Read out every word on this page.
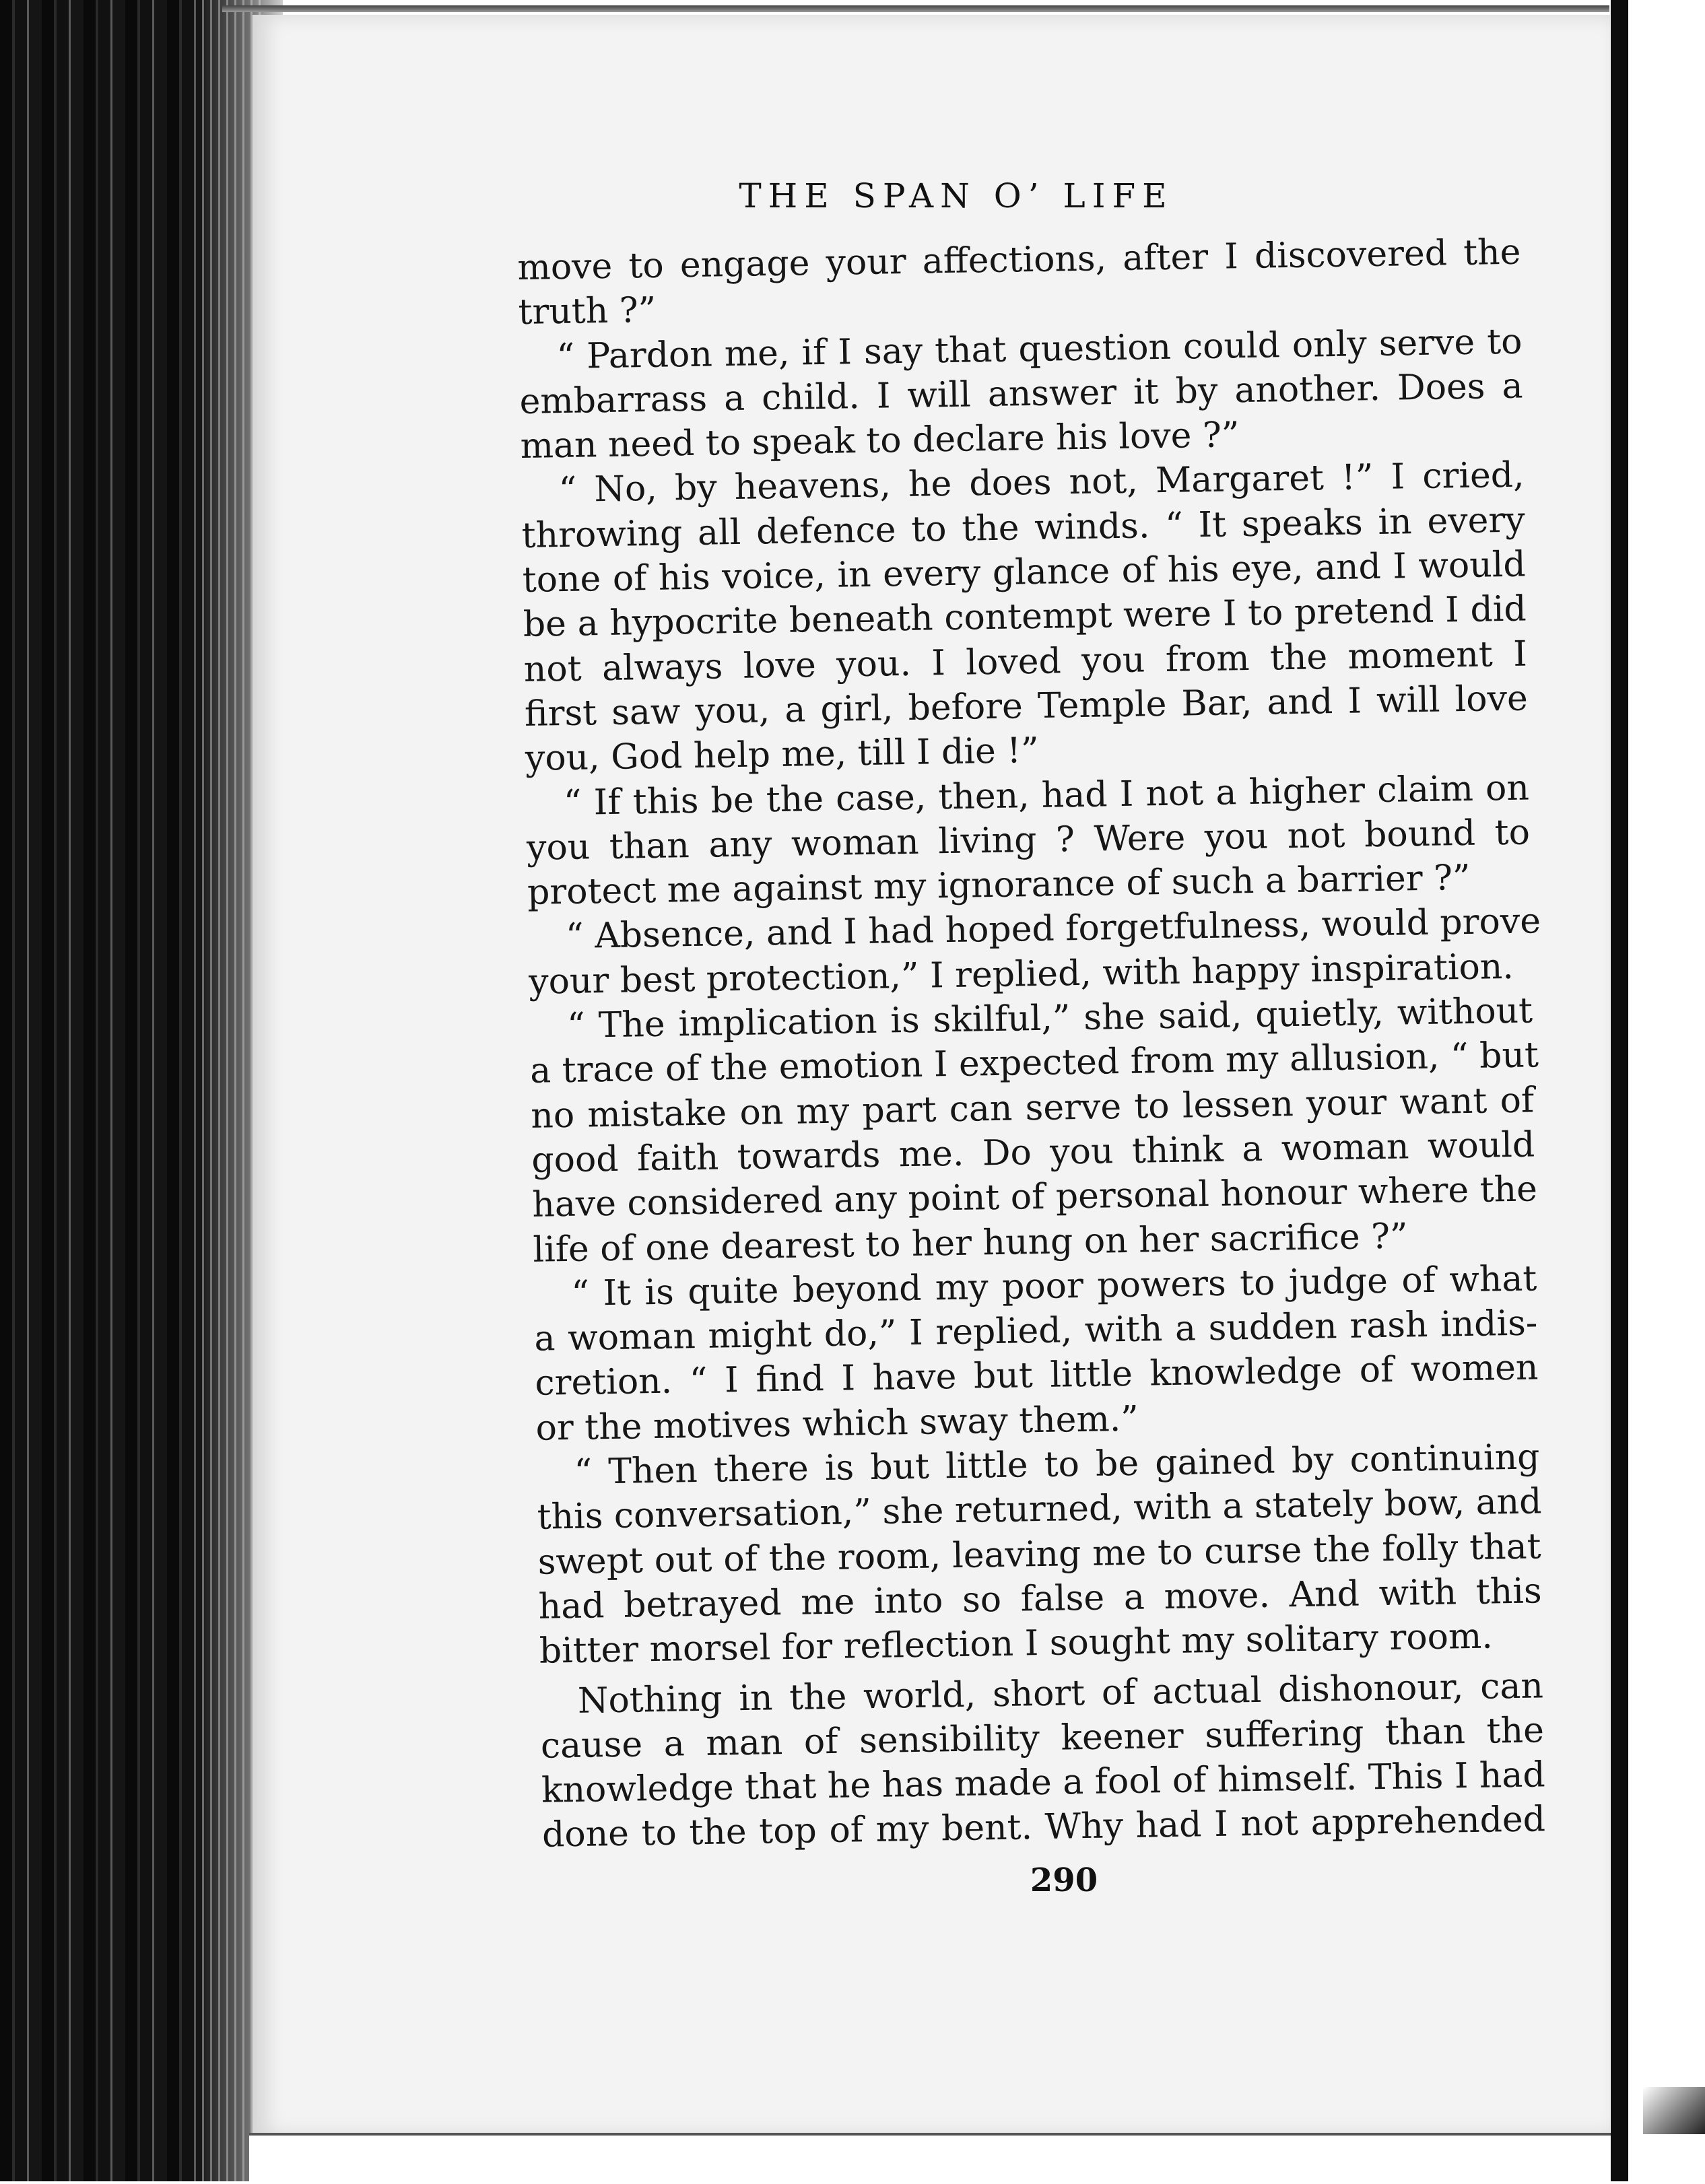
THE SPAN O’ LIFE
move to engage your affections, after I discovered the
truth ?”
“ Pardon me, if I say that question could only serve to
embarrass a child. I will answer it by another. Does a
man need to speak to declare his love ?”
“ No, by heavens, he does not, Margaret !” I cried,
throwing all defence to the winds. “ It speaks in every
tone of his voice, in every glance of his eye, and I would
be a hypocrite beneath contempt were I to pretend I did
not always love you. I loved you from the moment I
first saw you, a girl, before Temple Bar, and I will love
you, God help me, till I die !”
“ If this be the case, then, had I not a higher claim on
you than any woman living ? Were you not bound to
protect me against my ignorance of such a barrier ?”
“ Absence, and I had hoped forgetfulness, would prove
your best protection,” I replied, with happy inspiration.
“ The implication is skilful,” she said, quietly, without
a trace of the emotion I expected from my allusion, “ but
no mistake on my part can serve to lessen your want of
good faith towards me. Do you think a woman would
have considered any point of personal honour where the
life of one dearest to her hung on her sacrifice ?”
“ It is quite beyond my poor powers to judge of what
a woman might do,” I replied, with a sudden rash indis-
cretion. “ I find I have but little knowledge of women
or the motives which sway them.”
“ Then there is but little to be gained by continuing
this conversation,” she returned, with a stately bow, and
swept out of the room, leaving me to curse the folly that
had betrayed me into so false a move. And with this
bitter morsel for reflection I sought my solitary room.
Nothing in the world, short of actual dishonour, can
cause a man of sensibility keener suffering than the
knowledge that he has made a fool of himself. This I had
done to the top of my bent. Why had I not apprehended
290
